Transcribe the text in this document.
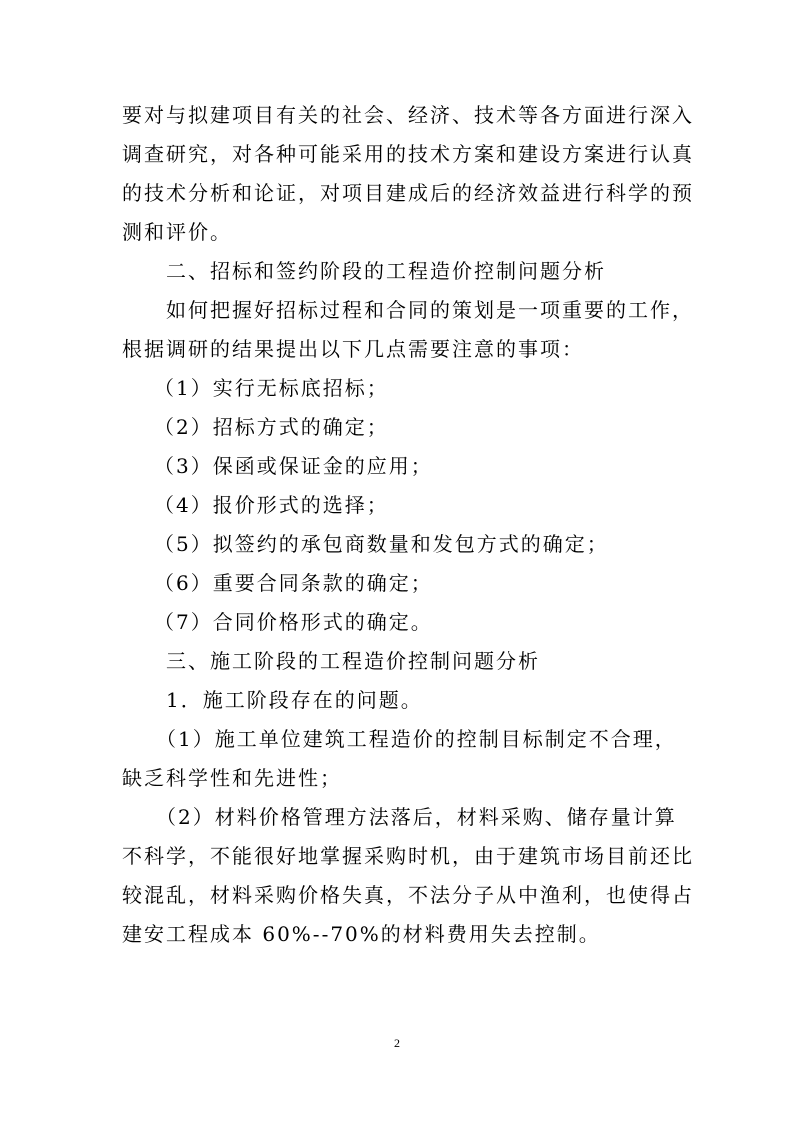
要对与拟建项目有关的社会、经济、技术等各方面进行深入
调查研究，对各种可能采用的技术方案和建设方案进行认真
的技术分析和论证，对项目建成后的经济效益进行科学的预
测和评价。
二、招标和签约阶段的工程造价控制问题分析
如何把握好招标过程和合同的策划是一项重要的工作，
根据调研的结果提出以下几点需要注意的事项：
（1）实行无标底招标；
（2）招标方式的确定；
（3）保函或保证金的应用；
（4）报价形式的选择；
（5）拟签约的承包商数量和发包方式的确定；
（6）重要合同条款的确定；
（7）合同价格形式的确定。
三、施工阶段的工程造价控制问题分析
1．施工阶段存在的问题。
（1）施工单位建筑工程造价的控制目标制定不合理，
缺乏科学性和先进性；
（2）材料价格管理方法落后，材料采购、储存量计算
不科学，不能很好地掌握采购时机，由于建筑市场目前还比
较混乱，材料采购价格失真，不法分子从中渔利，也使得占
建安工程成本 60%--70%的材料费用失去控制。
2
